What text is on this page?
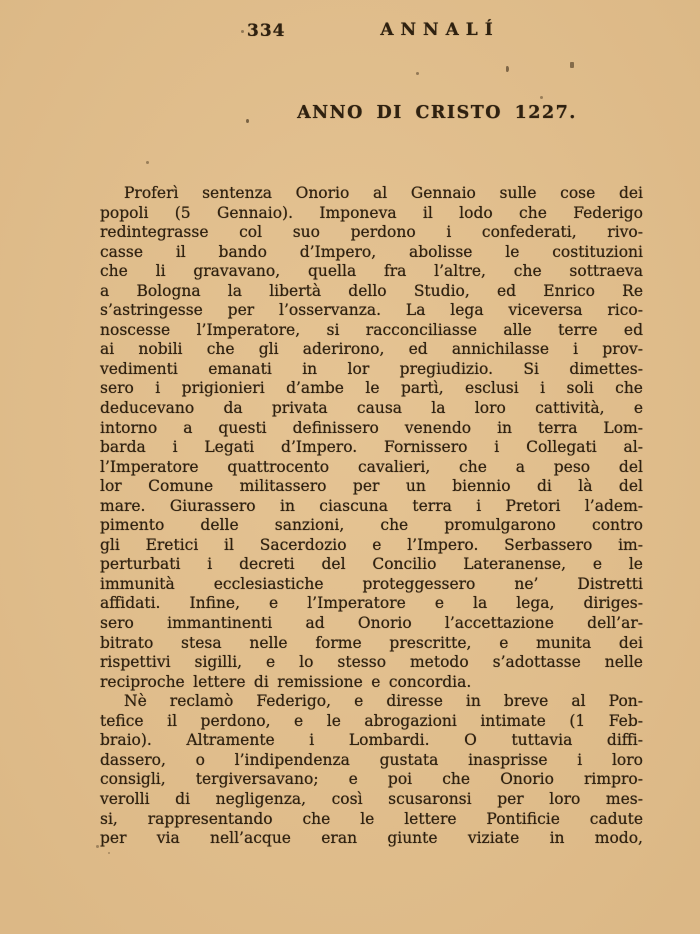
334	ANNALÍ
ANNO DI CRISTO 1227.
Proferì sentenza Onorio al Gennaio sulle cose dei
popoli (5 Gennaio). Imponeva il lodo che Federigo
redintegrasse col suo perdono i confederati, rivo-
casse il bando d’Impero, abolisse le costituzioni
che li gravavano, quella fra l’altre, che sottraeva
a Bologna la libertà dello Studio, ed Enrico Re
s’astringesse per l’osservanza. La lega viceversa rico-
noscesse l’Imperatore, si racconciliasse alle terre ed
ai nobili che gli aderirono, ed annichilasse i prov-
vedimenti emanati in lor pregiudizio. Si dimettes-
sero i prigionieri d’ambe le partì, esclusi i soli che
deducevano da privata causa la loro cattività, e
intorno a questi definissero venendo in terra Lom-
barda i Legati d’Impero. Fornissero i Collegati al-
l’Imperatore quattrocento cavalieri, che a peso del
lor Comune militassero per un biennio di là del
mare. Giurassero in ciascuna terra i Pretori l’adem-
pimento delle sanzioni, che promulgarono contro
gli Eretici il Sacerdozio e l’Impero. Serbassero im-
perturbati i decreti del Concilio Lateranense, e le
immunità ecclesiastiche proteggessero ne’ Distretti
affidati. Infine, e l’Imperatore e la lega, diriges-
sero immantinenti ad Onorio l’accettazione dell’ar-
bitrato stesa nelle forme prescritte, e munita dei
rispettivi sigilli, e lo stesso metodo s’adottasse nelle
reciproche lettere di remissione e concordia.
Nè reclamò Federigo, e diresse in breve al Pon-
tefice il perdono, e le abrogazioni intimate (1 Feb-
braio). Altramente i Lombardi. O tuttavia diffi-
dassero, o l’indipendenza gustata inasprisse i loro
consigli, tergiversavano; e poi che Onorio rimpro-
verolli di negligenza, così scusaronsi per loro mes-
si, rappresentando che le lettere Pontificie cadute
per via nell’acque eran giunte viziate in modo,
